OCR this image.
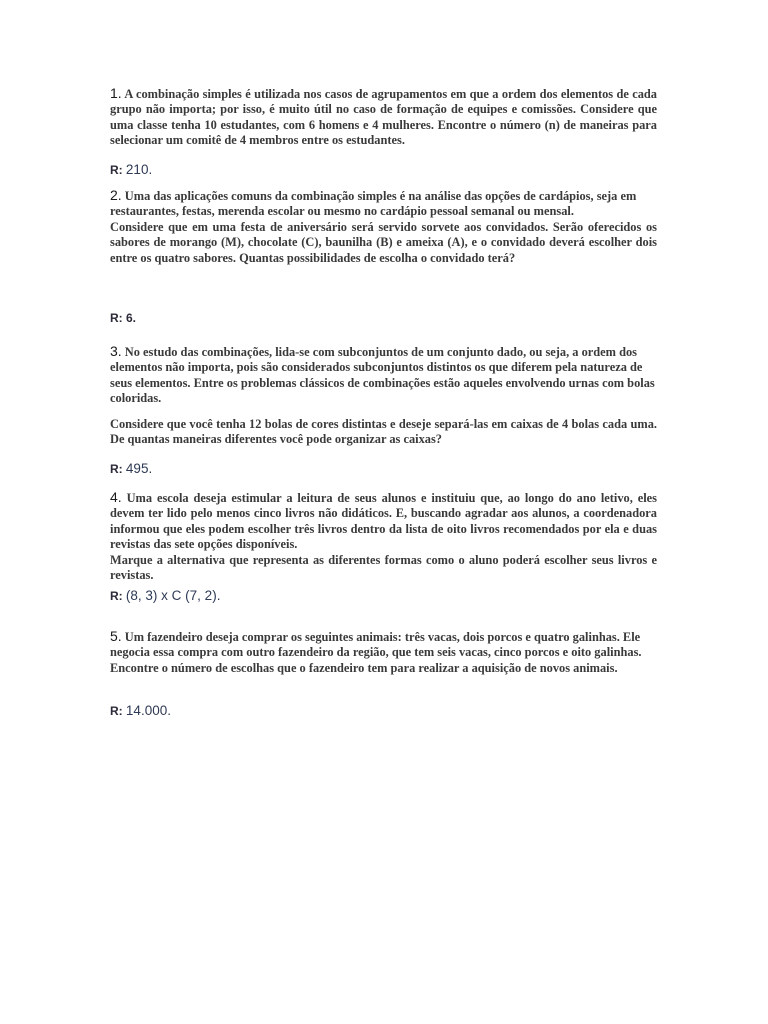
1. A combinação simples é utilizada nos casos de agrupamentos em que a ordem dos elementos de cada grupo não importa; por isso, é muito útil no caso de formação de equipes e comissões. Considere que uma classe tenha 10 estudantes, com 6 homens e 4 mulheres. Encontre o número (n) de maneiras para selecionar um comitê de 4 membros entre os estudantes.

R: 210.

2. Uma das aplicações comuns da combinação simples é na análise das opções de cardápios, seja em restaurantes, festas, merenda escolar ou mesmo no cardápio pessoal semanal ou mensal.

Considere que em uma festa de aniversário será servido sorvete aos convidados. Serão oferecidos os sabores de morango (M), chocolate (C), baunilha (B) e ameixa (A), e o convidado deverá escolher dois entre os quatro sabores. Quantas possibilidades de escolha o convidado terá?

R: 6.

3. No estudo das combinações, lida-se com subconjuntos de um conjunto dado, ou seja, a ordem dos elementos não importa, pois são considerados subconjuntos distintos os que diferem pela natureza de seus elementos. Entre os problemas clássicos de combinações estão aqueles envolvendo urnas com bolas coloridas.

Considere que você tenha 12 bolas de cores distintas e deseje separá-las em caixas de 4 bolas cada uma. De quantas maneiras diferentes você pode organizar as caixas?

R: 495.

4. Uma escola deseja estimular a leitura de seus alunos e instituiu que, ao longo do ano letivo, eles devem ter lido pelo menos cinco livros não didáticos. E, buscando agradar aos alunos, a coordenadora informou que eles podem escolher três livros dentro da lista de oito livros recomendados por ela e duas revistas das sete opções disponíveis.

Marque a alternativa que representa as diferentes formas como o aluno poderá escolher seus livros e revistas.

R: (8, 3) x C (7, 2).

5. Um fazendeiro deseja comprar os seguintes animais: três vacas, dois porcos e quatro galinhas. Ele negocia essa compra com outro fazendeiro da região, que tem seis vacas, cinco porcos e oito galinhas. Encontre o número de escolhas que o fazendeiro tem para realizar a aquisição de novos animais.

R: 14.000.
